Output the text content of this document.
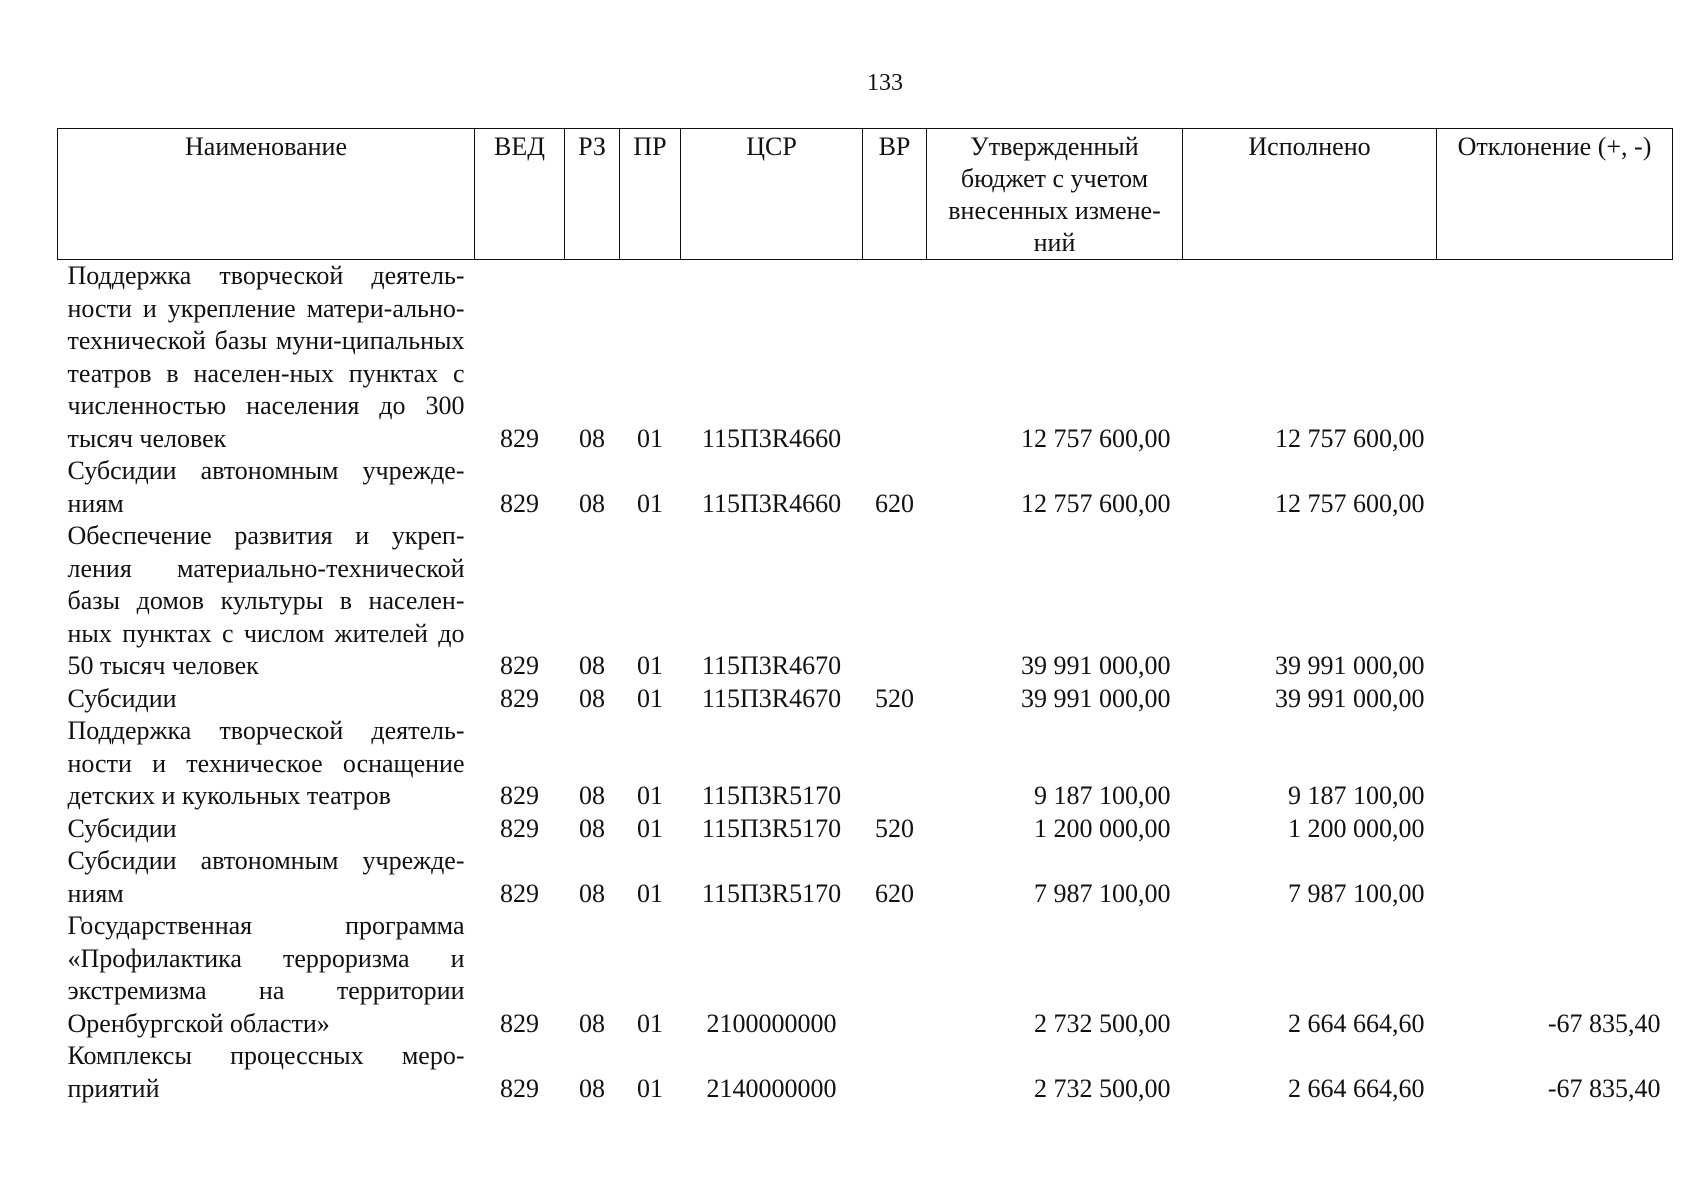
133
Наименование	ВЕД	РЗ	ПР	ЦСР	ВР	Утвержденный бюджет с учетом внесенных измене-ний	Исполнено	Отклонение (+, -)
Поддержка творческой деятель-ности и укрепление матери-ально-технической базы муни-ципальных театров в населен-ных пунктах с численностью населения до 300 тысяч человек	829	08	01	115П3R4660		12 757 600,00	12 757 600,00	
Субсидии автономным учрежде-ниям	829	08	01	115П3R4660	620	12 757 600,00	12 757 600,00	
Обеспечение развития и укреп-ления материально-технической базы домов культуры в населен-ных пунктах с числом жителей до 50 тысяч человек	829	08	01	115П3R4670		39 991 000,00	39 991 000,00	
Субсидии	829	08	01	115П3R4670	520	39 991 000,00	39 991 000,00	
Поддержка творческой деятель-ности и техническое оснащение детских и кукольных театров	829	08	01	115П3R5170		9 187 100,00	9 187 100,00	
Субсидии	829	08	01	115П3R5170	520	1 200 000,00	1 200 000,00	
Субсидии автономным учрежде-ниям	829	08	01	115П3R5170	620	7 987 100,00	7 987 100,00	
Государственная программа «Профилактика терроризма и экстремизма на территории Оренбургской области»	829	08	01	2100000000		2 732 500,00	2 664 664,60	-67 835,40
Комплексы процессных меро-приятий	829	08	01	2140000000		2 732 500,00	2 664 664,60	-67 835,40
